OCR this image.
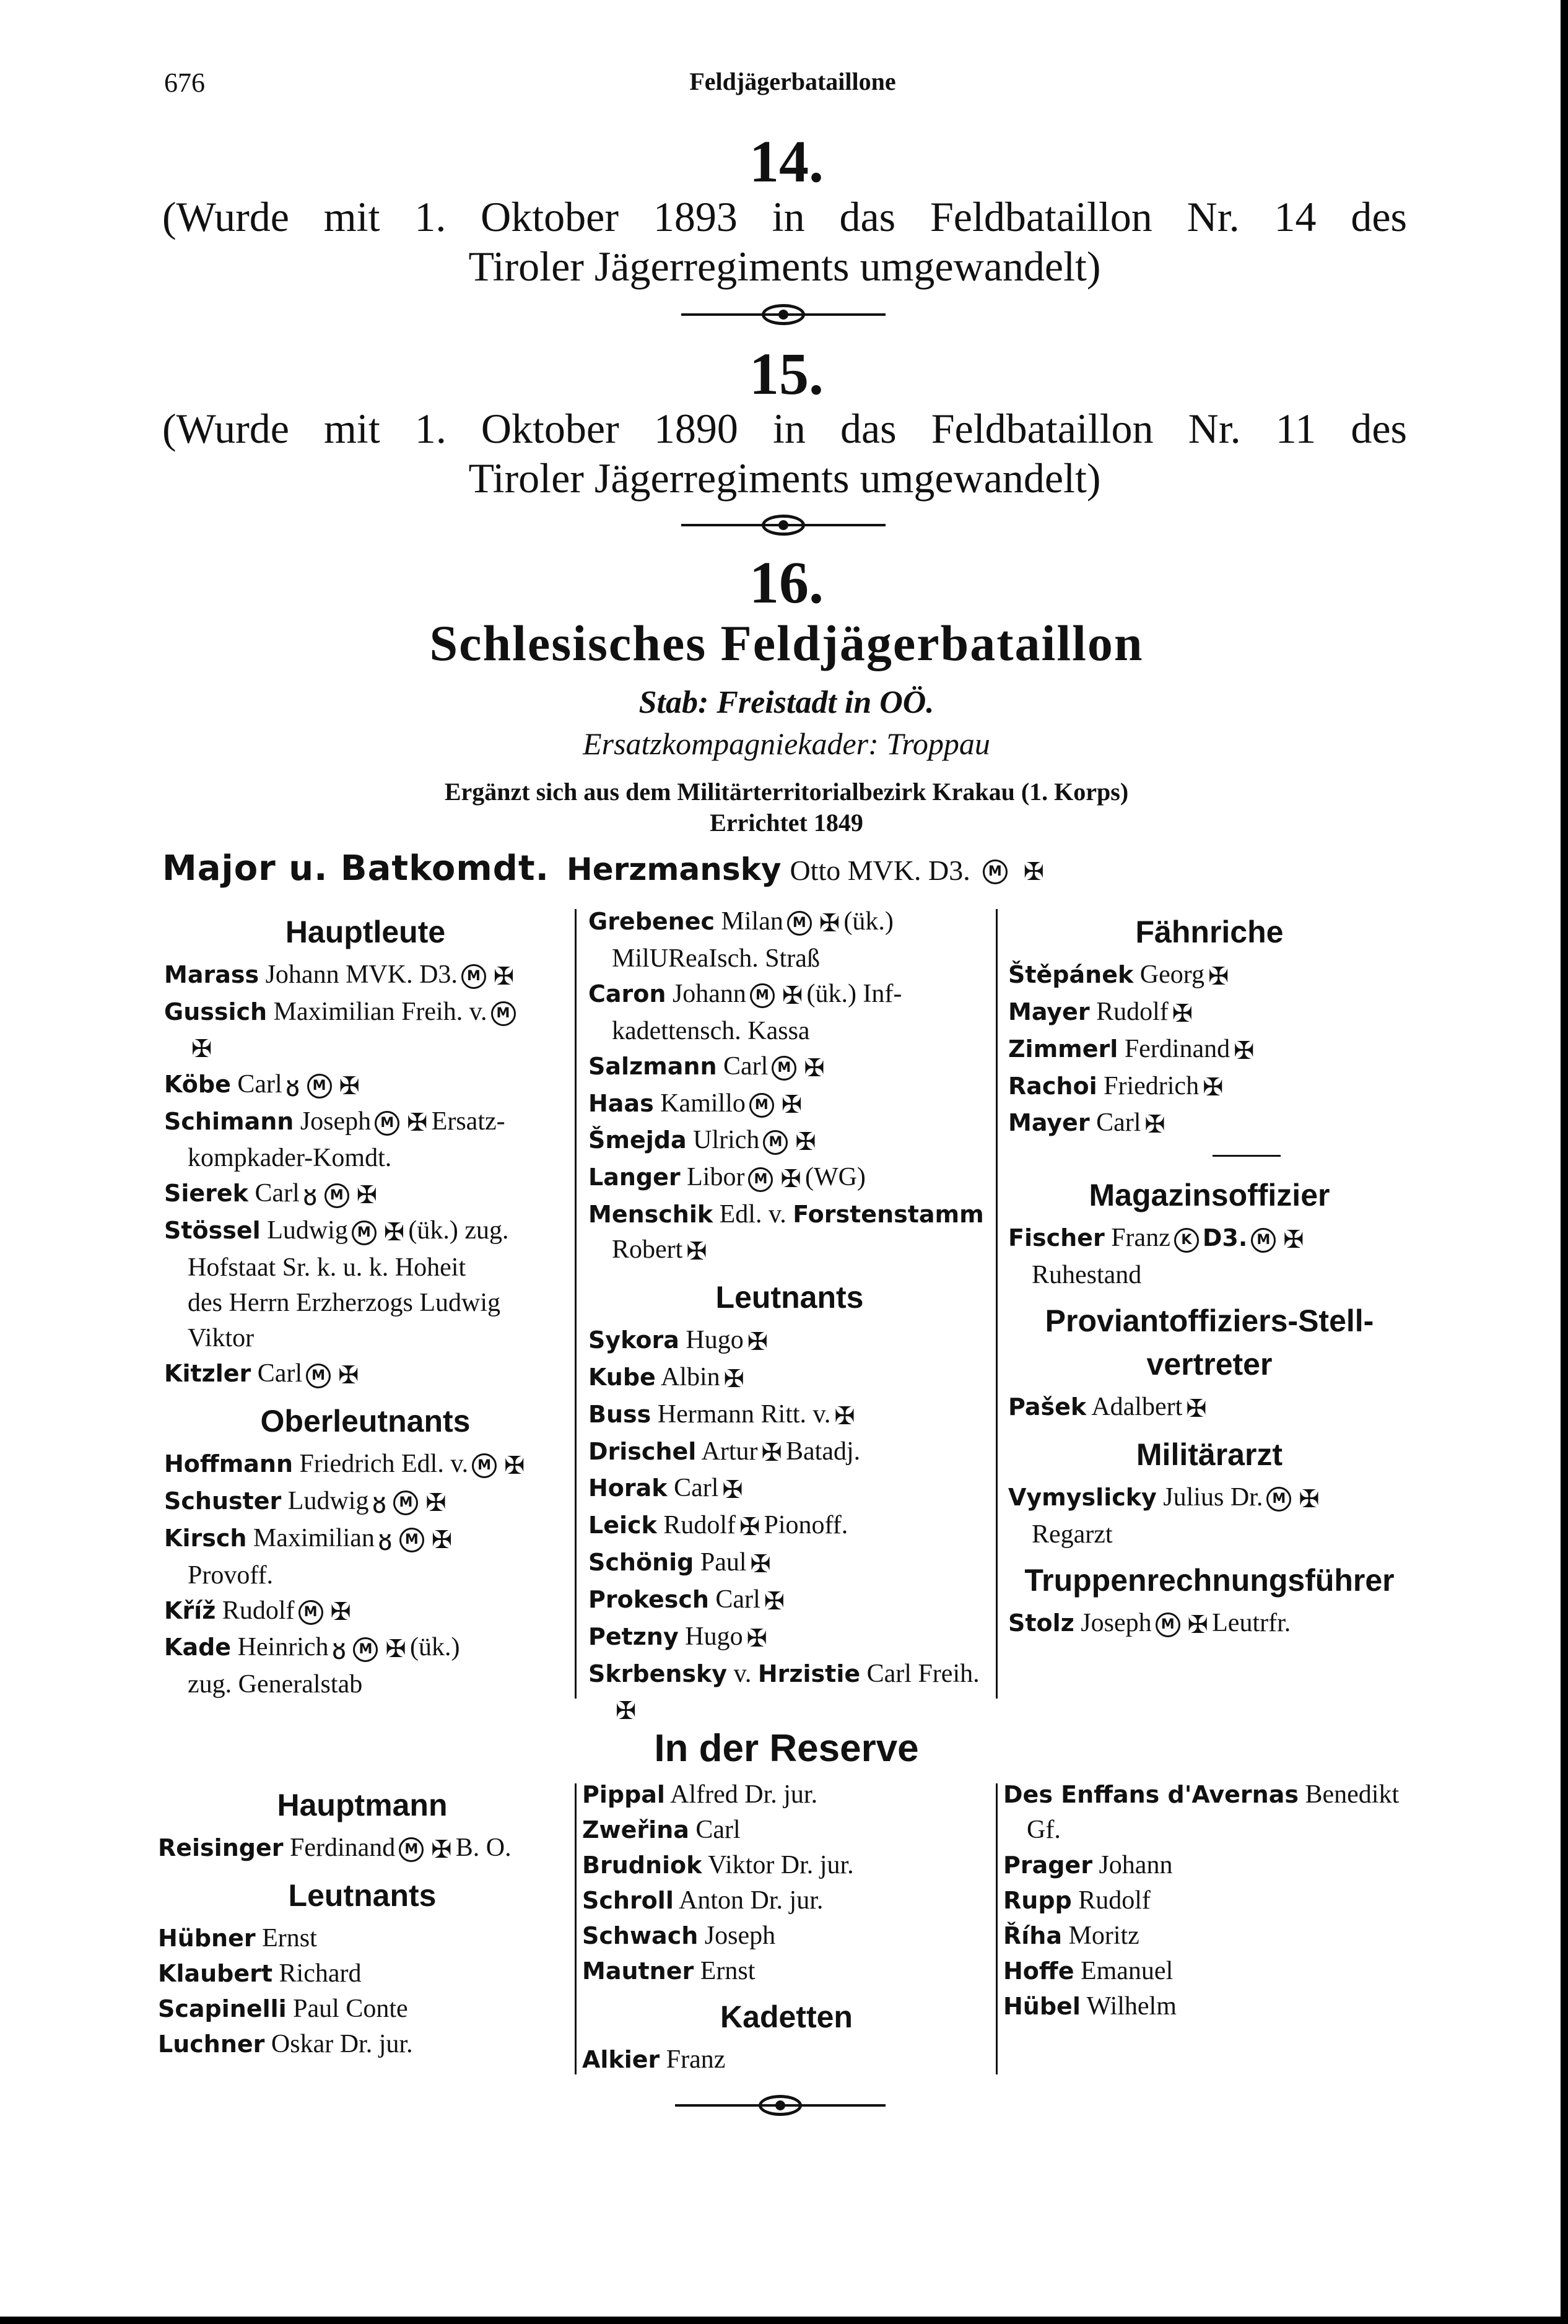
676	Feldjägerbataillone
14.
(Wurde mit 1. Oktober 1893 in das Feldbataillon Nr. 14 des
Tiroler Jägerregiments umgewandelt)
15.
(Wurde mit 1. Oktober 1890 in das Feldbataillon Nr. 11 des
Tiroler Jägerregiments umgewandelt)
16.
Schlesisches Feldjägerbataillon
Stab: Freistadt in OÖ.
Ersatzkompagniekader: Troppau
Ergänzt sich aus dem Militärterritorialbezirk Krakau (1. Korps)
Errichtet 1849
Major u. Batkomdt. Herzmansky Otto MVK. D3. M ✠
Hauptleute
Marass Johann MVK. D3. M ✠
Gussich Maximilian Freih. v. M
✠
Köbe Carl ᴕ M ✠
Schimann Joseph M ✠ Ersatz-
kompkader-Komdt.
Sierek Carl ᴕ M ✠
Stössel Ludwig M ✠ (ük.) zug.
Hofstaat Sr. k. u. k. Hoheit
des Herrn Erzherzogs Ludwig
Viktor
Kitzler Carl M ✠
Oberleutnants
Hoffmann Friedrich Edl. v. M ✠
Schuster Ludwig ᴕ M ✠
Kirsch Maximilian ᴕ M ✠
Provoff.
Kříž Rudolf M ✠
Kade Heinrich ᴕ M ✠ (ük.)
zug. Generalstab
Grebenec Milan M ✠ (ük.)
MilUReaIsch. Straß
Caron Johann M ✠ (ük.) Inf-
kadettensch. Kassa
Salzmann Carl M ✠
Haas Kamillo M ✠
Šmejda Ulrich M ✠
Langer Libor M ✠ (WG)
Menschik Edl. v. Forstenstamm
Robert ✠
Leutnants
Sykora Hugo ✠
Kube Albin ✠
Buss Hermann Ritt. v. ✠
Drischel Artur ✠ Batadj.
Horak Carl ✠
Leick Rudolf ✠ Pionoff.
Schönig Paul ✠
Prokesch Carl ✠
Petzny Hugo ✠
Skrbensky v. Hrzistie Carl Freih.
✠
Fähnriche
Štěpánek Georg ✠
Mayer Rudolf ✠
Zimmerl Ferdinand ✠
Rachoi Friedrich ✠
Mayer Carl ✠
Magazinsoffizier
Fischer Franz K D3. M ✠
Ruhestand
Proviantoffiziers-Stell-
vertreter
Pašek Adalbert ✠
Militärarzt
Vymyslicky Julius Dr. M ✠
Regarzt
Truppenrechnungsführer
Stolz Joseph M ✠ Leutrfr.
In der Reserve
Hauptmann
Reisinger Ferdinand M ✠ B. O.
Leutnants
Hübner Ernst
Klaubert Richard
Scapinelli Paul Conte
Luchner Oskar Dr. jur.
Pippal Alfred Dr. jur.
Zweřina Carl
Brudniok Viktor Dr. jur.
Schroll Anton Dr. jur.
Schwach Joseph
Mautner Ernst
Kadetten
Alkier Franz
Des Enffans d'Avernas Benedikt
Gf.
Prager Johann
Rupp Rudolf
Říha Moritz
Hoffe Emanuel
Hübel Wilhelm
